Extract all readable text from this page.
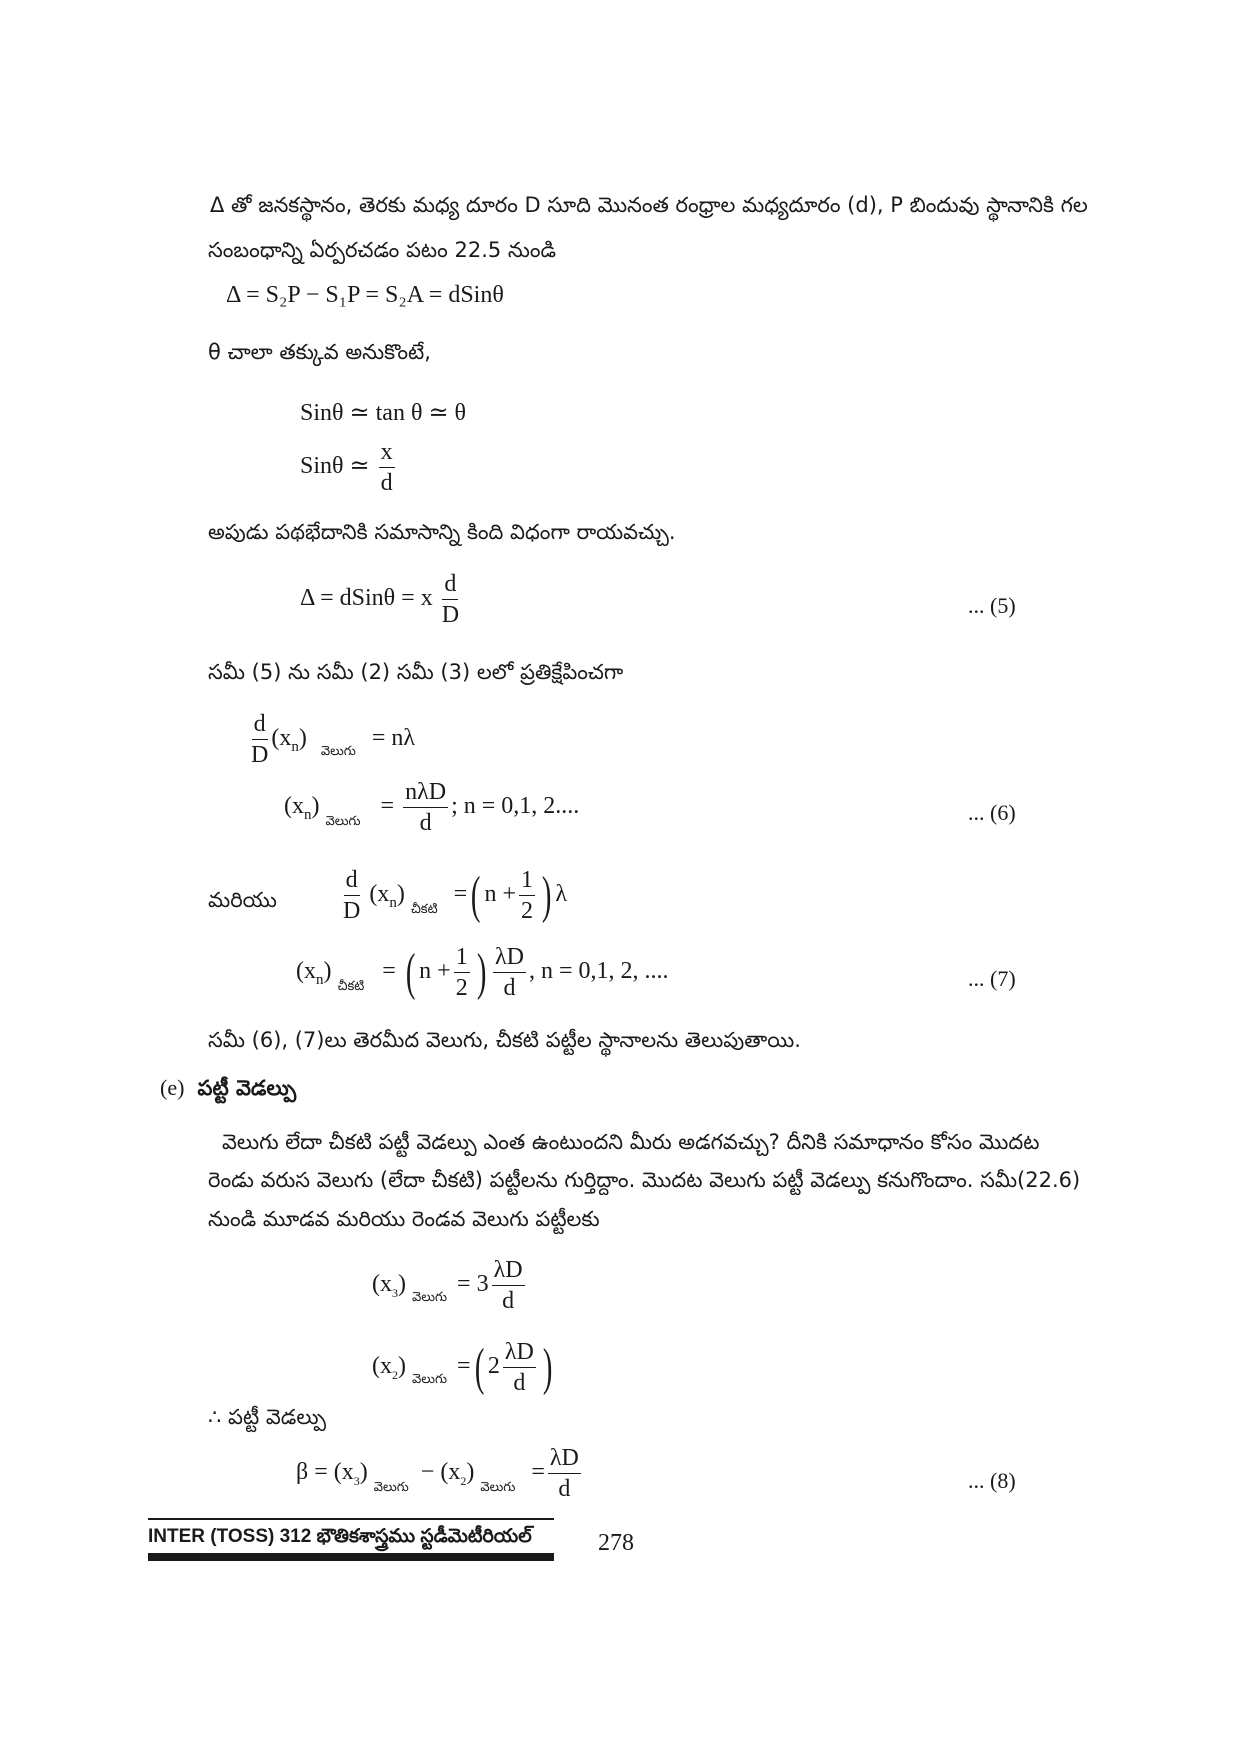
Δ తో జనకస్థానం, తెరకు మధ్య దూరం D సూది మొనంత రంధ్రాల మధ్యదూరం (d), P బిందువు స్థానానికి గల
సంబంధాన్ని ఏర్పరచడం పటం 22.5 నుండి
Δ = S₂P − S₁P = S₂A = dSinθ
θ చాలా తక్కువ అనుకొంటే,
Sinθ ≃ tan θ ≃ θ
Sinθ ≃ $\frac{x}{d}$
అపుడు పథభేదానికి సమాసాన్ని కింది విధంగా రాయవచ్చు.
Δ = dSinθ = x $\frac{d}{D}$	... (5)
సమీ (5) ను సమీ (2) సమీ (3) లలో ప్రతిక్షేపించగా
$\frac{d}{D} (x_n) _{వెలుగు} = n\lambda$
$(x_n) _{వెలుగు} = \frac{\text{nλD}}{d}$ ; n = 0,1, 2....	... (6)
మరియు	$\frac{d}{D} (x_n)$ $_{చీకటి}$ =( $n + \frac{1}{2}$ ) λ
$(x_n) _{చీకటి}$ = ( $n + \frac{1}{2}$ ) $\frac{\lambda D}{d}$ , n = 0,1, 2, ....	... (7)
సమీ (6), (7)లు తెరమీద వెలుగు, చీకటి పట్టీల స్థానాలను తెలుపుతాయి.
(e) పట్టీ వెడల్పు
వెలుగు లేదా చీకటి పట్టీ వెడల్పు ఎంత ఉంటుందని మీరు అడగవచ్చు? దీనికి సమాధానం కోసం మొదట
రెండు వరుస వెలుగు (లేదా చీకటి) పట్టీలను గుర్తిద్దాం. మొదట వెలుగు పట్టీ వెడల్పు కనుగొందాం. సమీ(22.6)
నుండి మూడవ మరియు రెండవ వెలుగు పట్టీలకు
$(x_3) _{వెలుగు} = 3 \frac{\lambda D}{d}$
$(x_2)$ $_{వెలుగు}$ =( $2 \frac{\lambda D}{d}$ )
∴ పట్టీ వెడల్పు
$\beta = (x_3) _{వెలుగు} - (x_2) _{వెలుగు} = \frac{\lambda D}{d}$	... (8)
INTER (TOSS) 312 భౌతికశాస్త్రము స్టడీమెటీరియల్	278
